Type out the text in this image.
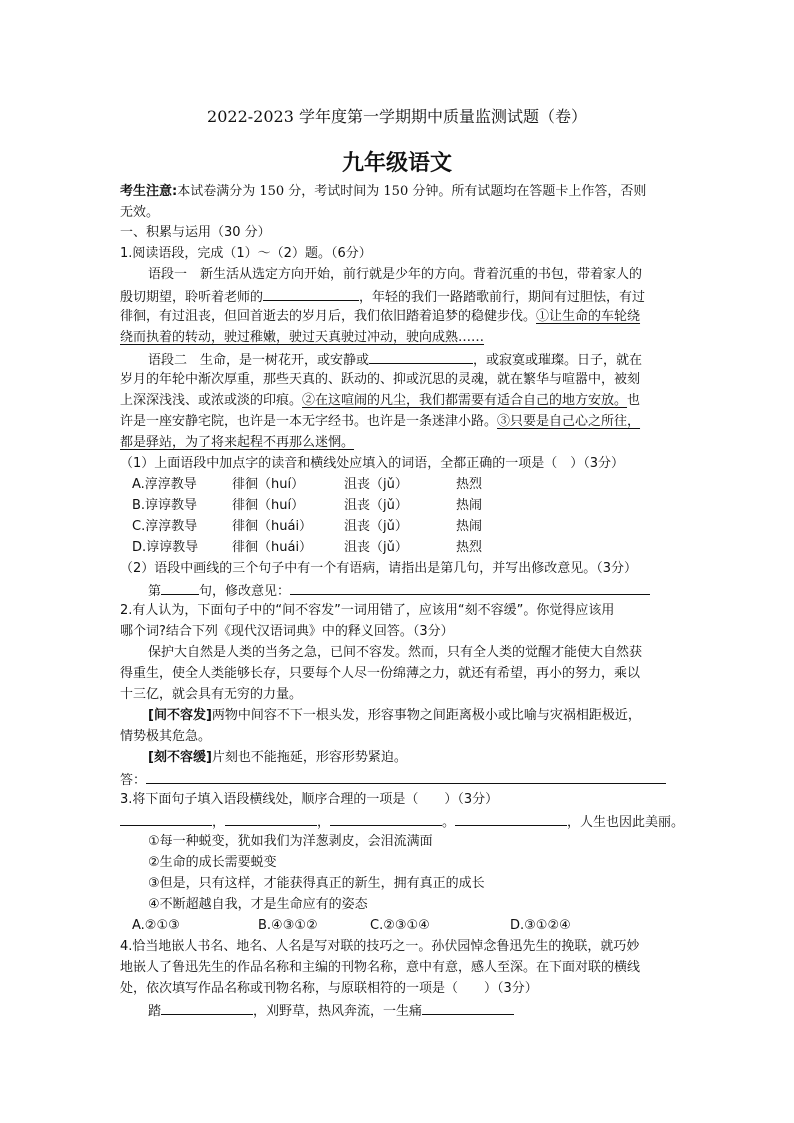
2022-2023 学年度第一学期期中质量监测试题（卷）
九年级语文
考生注意:本试卷满分为 150 分，考试时间为 150 分钟。所有试题均在答题卡上作答，否则
无效。
一、积累与运用（30 分）
1.阅读语段，完成（1）～（2）题。（6分）
语段一　新生活从选定方向开始，前行就是少年的方向。背着沉重的书包，带着家人的
殷切期望，聆听着老师的	，年轻的我们一路踏歌前行，期间有过胆怯，有过
徘徊，有过沮丧，但回首逝去的岁月后，我们依旧踏着追梦的稳健步伐。①让生命的车轮绕
绕而执着的转动，驶过稚嫩，驶过天真驶过冲动，驶向成熟……
语段二　生命，是一树花开，或安静或	，或寂寞或璀璨。日子，就在
岁月的年轮中渐次厚重，那些天真的、跃动的、抑或沉思的灵魂，就在繁华与喧嚣中，被刻
上深深浅浅、或浓或淡的印痕。②在这喧闹的凡尘，我们都需要有适合自己的地方安放。也
许是一座安静宅院，也许是一本无字经书。也许是一条迷津小路。③只要是自己心之所往，
都是驿站，为了将来起程不再那么迷惘。
（1）上面语段中加点字的读音和横线处应填入的词语，全都正确的一项是（　）（3分）
A.淳淳教导	徘徊（huí）	沮丧（jǔ）	热烈
B.谆谆教导	徘徊（huí）	沮丧（jǔ）	热闹
C.淳淳教导	徘徊（huái） 沮丧（jǔ）	热闹
D.谆谆教导	徘徊（huái） 沮丧（jǔ）	热烈
（2）语段中画线的三个句子中有一个有语病，请指出是第几句，并写出修改意见。（3分）
第	句，修改意见：
2.有人认为，下面句子中的“间不容发”一词用错了，应该用“刻不容缓”。你觉得应该用
哪个词?结合下列《现代汉语词典》中的释义回答。（3分）
保护大自然是人类的当务之急，已间不容发。然而，只有全人类的觉醒才能使大自然获
得重生，使全人类能够长存，只要每个人尽一份绵薄之力，就还有希望，再小的努力，乘以
十三亿，就会具有无穷的力量。
[间不容发]两物中间容不下一根头发，形容事物之间距离极小或比喻与灾祸相距极近，
情势极其危急。
[刻不容缓]片刻也不能拖延，形容形势紧迫。
答：
3.将下面句子填入语段横线处，顺序合理的一项是（　　）（3分）
，	，	。	，人生也因此美丽。
①每一种蜕变，犹如我们为洋葱剥皮，会泪流满面
②生命的成长需要蜕变
③但是，只有这样，才能获得真正的新生，拥有真正的成长
④不断超越自我，才是生命应有的姿态
A.②①③	B.④③①②	C.②③①④	D.③①②④
4.恰当地嵌人书名、地名、人名是写对联的技巧之一。孙伏园悼念鲁迅先生的挽联，就巧妙
地嵌人了鲁迅先生的作品名称和主编的刊物名称，意中有意，感人至深。在下面对联的横线
处，依次填写作品名称或刊物名称，与原联相符的一项是（　　）（3分）
踏	，刈野草，热风奔流，一生痛
